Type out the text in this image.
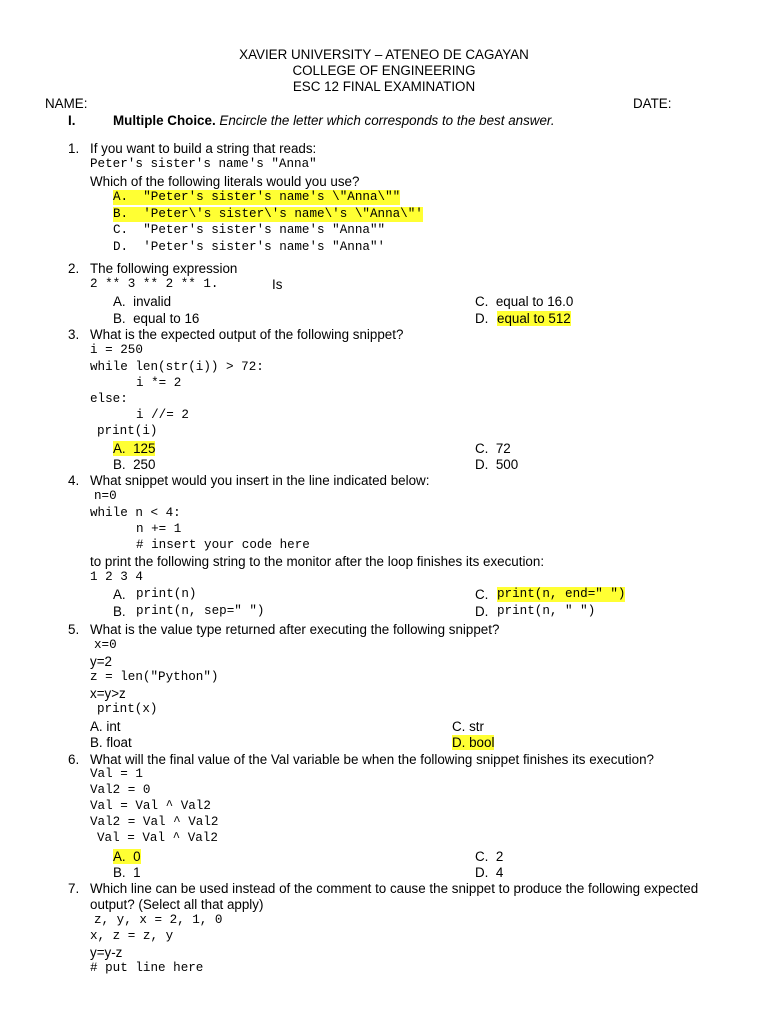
XAVIER UNIVERSITY – ATENEO DE CAGAYAN
COLLEGE OF ENGINEERING
ESC 12 FINAL EXAMINATION
NAME:	DATE:
I.	Multiple Choice. Encircle the letter which corresponds to the best answer.
1. If you want to build a string that reads:
Peter's sister's name's "Anna"
Which of the following literals would you use?
A.  "Peter's sister's name's \"Anna\""
B.  'Peter\'s sister\'s name\'s \"Anna\"'
C.  "Peter's sister's name's "Anna""
D.  'Peter's sister's name's "Anna"'
2. The following expression
2 ** 3 ** 2 ** 1.	Is
A.  invalid
B.  equal to 16
C.  equal to 16.0
D. equal to 512
3. What is the expected output of the following snippet?
i = 250
while len(str(i)) > 72:
i *= 2
else:
i //= 2
print(i)
A.  125
B.  250
C.  72
D.  500
4. What snippet would you insert in the line indicated below:
n=0
while n < 4:
n += 1
# insert your code here
to print the following string to the monitor after the loop finishes its execution:
1 2 3 4
A. print(n)
B. print(n, sep=" ")
C. print(n, end=" ")
D. print(n, " ")
5. What is the value type returned after executing the following snippet?
x=0
y=2
z = len("Python")
x=y>z
print(x)
A. int
B. float
C. str
D. bool
6. What will the final value of the Val variable be when the following snippet finishes its execution?
Val = 1
Val2 = 0
Val = Val ^ Val2
Val2 = Val ^ Val2
Val = Val ^ Val2
A.  0
B.  1
C.  2
D.  4
7. Which line can be used instead of the comment to cause the snippet to produce the following expected
output? (Select all that apply)
z, y, x = 2, 1, 0
x, z = z, y
y=y-z
# put line here
